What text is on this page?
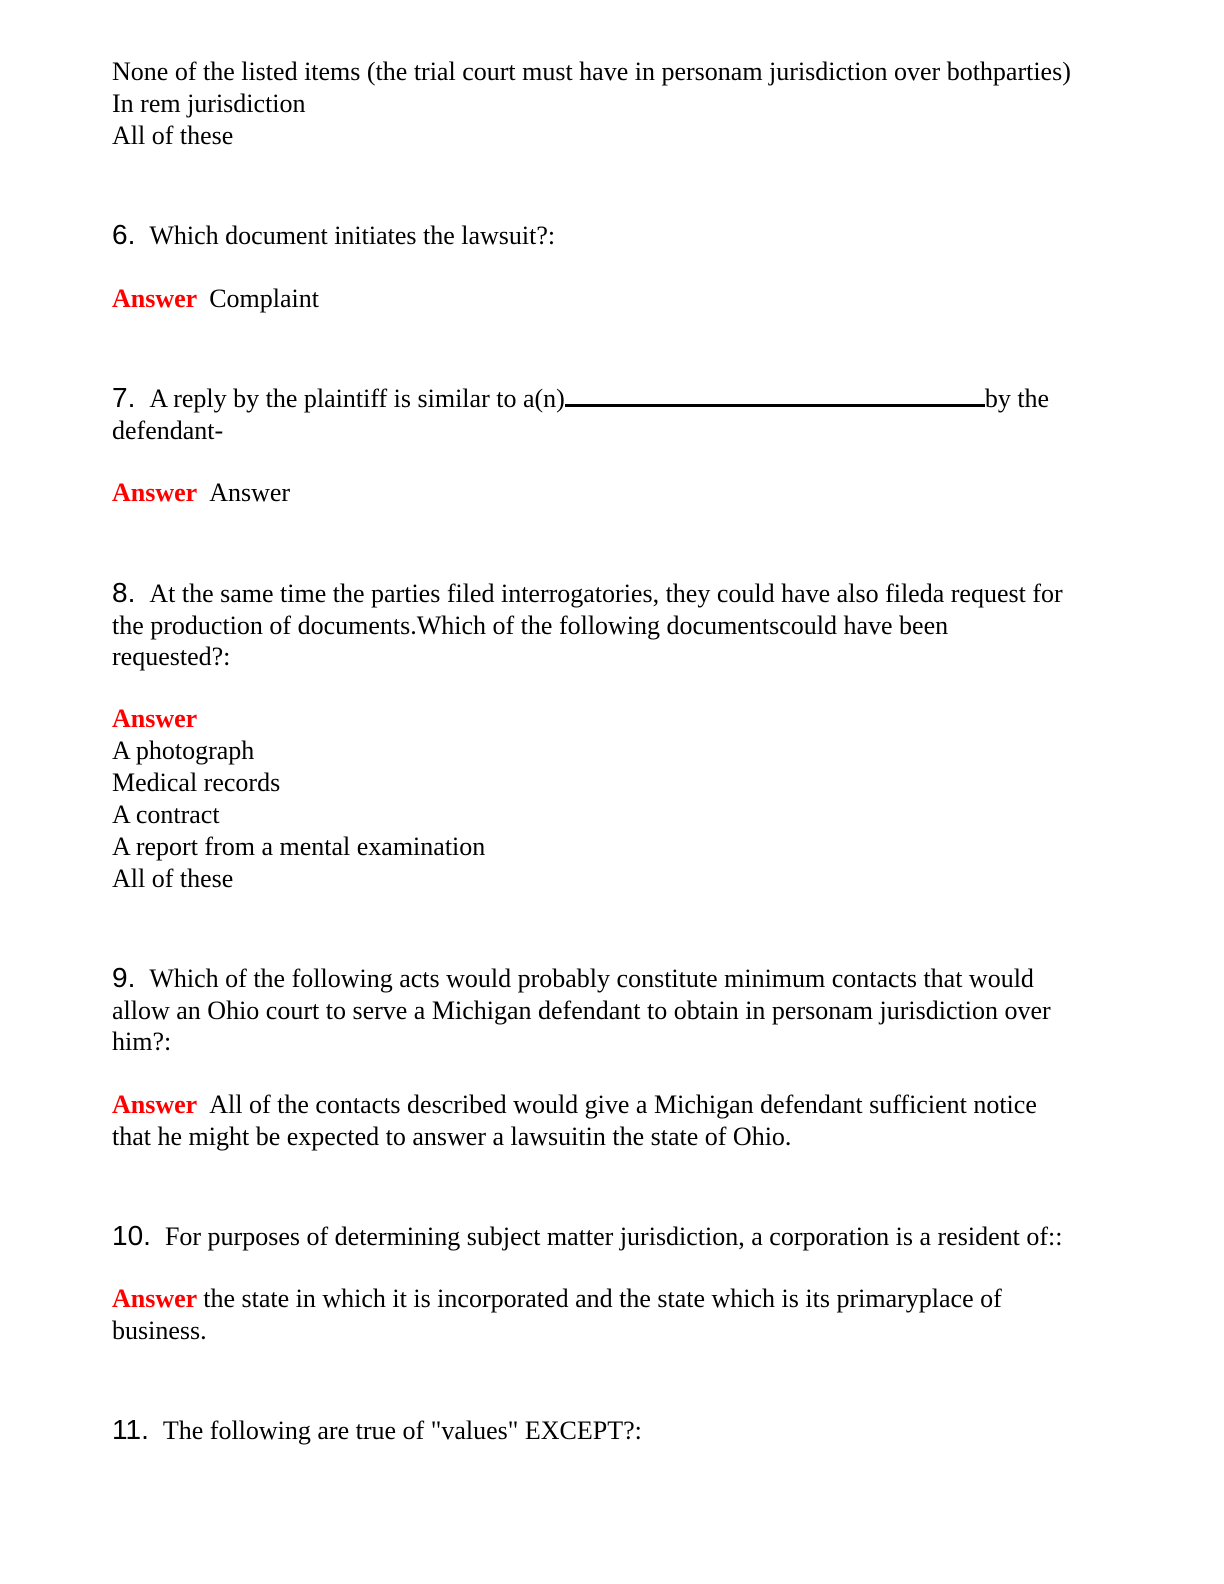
None of the listed items (the trial court must have in personam jurisdiction over bothparties)
In rem jurisdiction
All of these
6. Which document initiates the lawsuit?:
Answer Complaint
7. A reply by the plaintiff is similar to a(n)	by the
defendant-
Answer Answer
8. At the same time the parties filed interrogatories, they could have also fileda request for
the production of documents.Which of the following documentscould have been
requested?:
Answer
A photograph
Medical records
A contract
A report from a mental examination
All of these
9. Which of the following acts would probably constitute minimum contacts that would
allow an Ohio court to serve a Michigan defendant to obtain in personam jurisdiction over
him?:
Answer All of the contacts described would give a Michigan defendant sufficient notice
that he might be expected to answer a lawsuitin the state of Ohio.
10. For purposes of determining subject matter jurisdiction, a corporation is a resident of::
Answer the state in which it is incorporated and the state which is its primaryplace of
business.
11. The following are true of "values" EXCEPT?:
